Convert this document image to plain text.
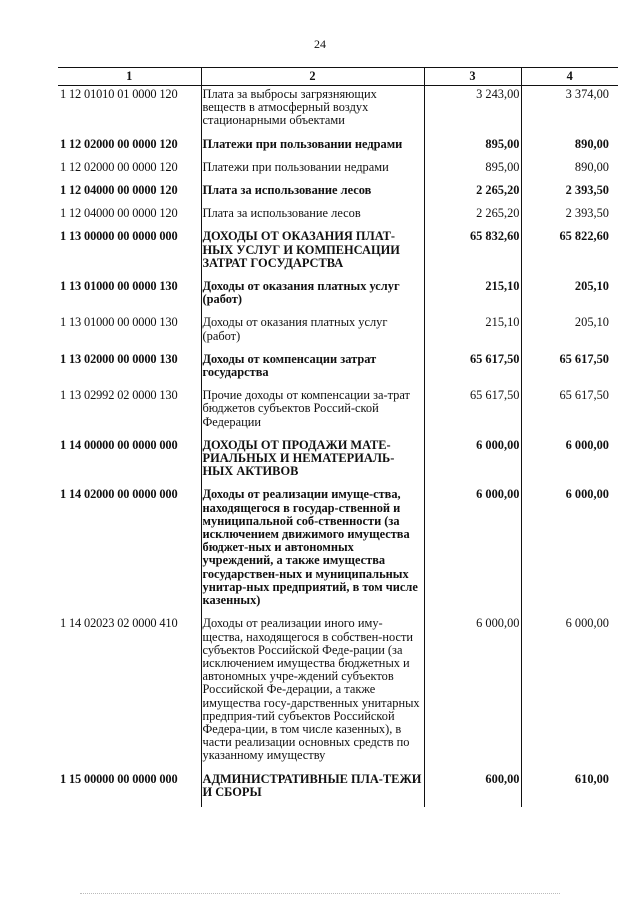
24
1	2	3	4
1 12 01010 01 0000 120	Плата за выбросы загрязняющих веществ в атмосферный воздух стационарными объектами	3 243,00	3 374,00
1 12 02000 00 0000 120	Платежи при пользовании недрами	895,00	890,00
1 12 02000 00 0000 120	Платежи при пользовании недрами	895,00	890,00
1 12 04000 00 0000 120	Плата за использование лесов	2 265,20	2 393,50
1 12 04000 00 0000 120	Плата за использование лесов	2 265,20	2 393,50
1 13 00000 00 0000 000	ДОХОДЫ ОТ ОКАЗАНИЯ ПЛАТ-НЫХ УСЛУГ И КОМПЕНСАЦИИ ЗАТРАТ ГОСУДАРСТВА	65 832,60	65 822,60
1 13 01000 00 0000 130	Доходы от оказания платных услуг (работ)	215,10	205,10
1 13 01000 00 0000 130	Доходы от оказания платных услуг (работ)	215,10	205,10
1 13 02000 00 0000 130	Доходы от компенсации затрат государства	65 617,50	65 617,50
1 13 02992 02 0000 130	Прочие доходы от компенсации за-трат бюджетов субъектов Россий-ской Федерации	65 617,50	65 617,50
1 14 00000 00 0000 000	ДОХОДЫ ОТ ПРОДАЖИ МАТЕ-РИАЛЬНЫХ И НЕМАТЕРИАЛЬ-НЫХ АКТИВОВ	6 000,00	6 000,00
1 14 02000 00 0000 000	Доходы от реализации имуще-ства, находящегося в государ-ственной и муниципальной соб-ственности (за исключением движимого имущества бюджет-ных и автономных учреждений, а также имущества государствен-ных и муниципальных унитар-ных предприятий, в том числе казенных)	6 000,00	6 000,00
1 14 02023 02 0000 410	Доходы от реализации иного иму-щества, находящегося в собствен-ности субъектов Российской Феде-рации (за исключением имущества бюджетных и автономных учре-ждений субъектов Российской Фе-дерации, а также имущества госу-дарственных унитарных предприя-тий субъектов Российской Федера-ции, в том числе казенных), в части реализации основных средств по указанному имуществу	6 000,00	6 000,00
1 15 00000 00 0000 000	АДМИНИСТРАТИВНЫЕ ПЛА-ТЕЖИ И СБОРЫ	600,00	610,00
